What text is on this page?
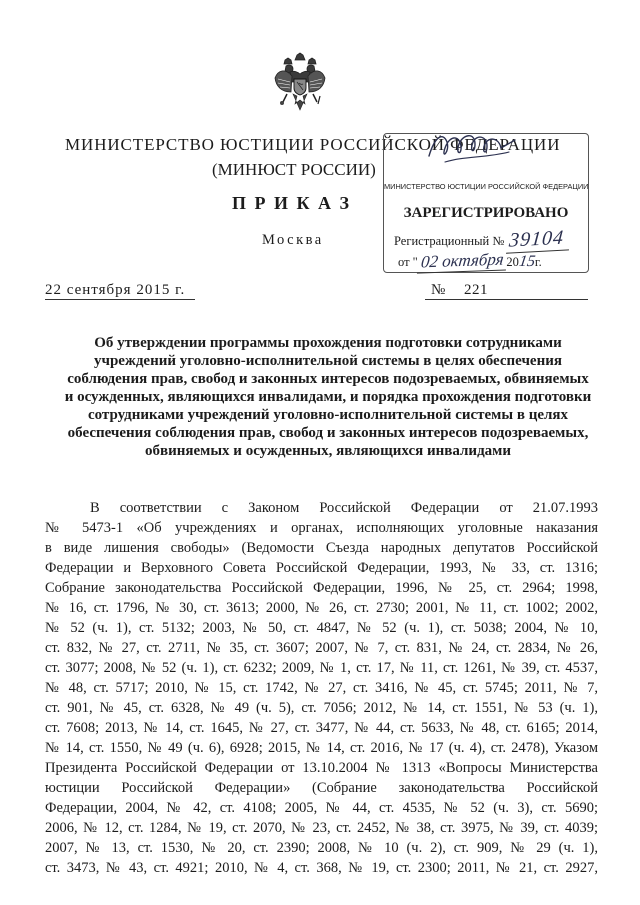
МИНИСТЕРСТВО ЮСТИЦИИ РОССИЙСКОЙ ФЕДЕРАЦИИ
(МИНЮСТ РОССИИ)
П Р И К А З
Москва
МИНИСТЕРСТВО ЮСТИЦИИ РОССИЙСКОЙ ФЕДЕРАЦИИ
ЗАРЕГИСТРИРОВАНО
Регистрационный № 39104
от " 02 октября 20
15
г.
22 сентября 2015 г.	№ 221
Об утверждении программы прохождения подготовки сотрудниками
учреждений уголовно-исполнительной системы в целях обеспечения
соблюдения прав, свобод и законных интересов подозреваемых, обвиняемых
и осужденных, являющихся инвалидами, и порядка прохождения подготовки
сотрудниками учреждений уголовно-исполнительной системы в целях
обеспечения соблюдения прав, свобод и законных интересов подозреваемых,
обвиняемых и осужденных, являющихся инвалидами
В соответствии с Законом Российской Федерации от 21.07.1993
№ 5473-1 «Об учреждениях и органах, исполняющих уголовные наказания
в виде лишения свободы» (Ведомости Съезда народных депутатов Российской
Федерации и Верховного Совета Российской Федерации, 1993, № 33, ст. 1316;
Собрание законодательства Российской Федерации, 1996, № 25, ст. 2964; 1998,
№ 16, ст. 1796, № 30, ст. 3613; 2000, № 26, ст. 2730; 2001, № 11, ст. 1002; 2002,
№ 52 (ч. 1), ст. 5132; 2003, № 50, ст. 4847, № 52 (ч. 1), ст. 5038; 2004, № 10,
ст. 832, № 27, ст. 2711, № 35, ст. 3607; 2007, № 7, ст. 831, № 24, ст. 2834, № 26,
ст. 3077; 2008, № 52 (ч. 1), ст. 6232; 2009, № 1, ст. 17, № 11, ст. 1261, № 39, ст. 4537,
№ 48, ст. 5717; 2010, № 15, ст. 1742, № 27, ст. 3416, № 45, ст. 5745; 2011, № 7,
ст. 901, № 45, ст. 6328, № 49 (ч. 5), ст. 7056; 2012, № 14, ст. 1551, № 53 (ч. 1),
ст. 7608; 2013, № 14, ст. 1645, № 27, ст. 3477, № 44, ст. 5633, № 48, ст. 6165; 2014,
№ 14, ст. 1550, № 49 (ч. 6), 6928; 2015, № 14, ст. 2016, № 17 (ч. 4), ст. 2478), Указом
Президента Российской Федерации от 13.10.2004 № 1313 «Вопросы Министерства
юстиции Российской Федерации» (Собрание законодательства Российской
Федерации, 2004, № 42, ст. 4108; 2005, № 44, ст. 4535, № 52 (ч. 3), ст. 5690;
2006, № 12, ст. 1284, № 19, ст. 2070, № 23, ст. 2452, № 38, ст. 3975, № 39, ст. 4039;
2007, № 13, ст. 1530, № 20, ст. 2390; 2008, № 10 (ч. 2), ст. 909, № 29 (ч. 1),
ст. 3473, № 43, ст. 4921; 2010, № 4, ст. 368, № 19, ст. 2300; 2011, № 21, ст. 2927,
